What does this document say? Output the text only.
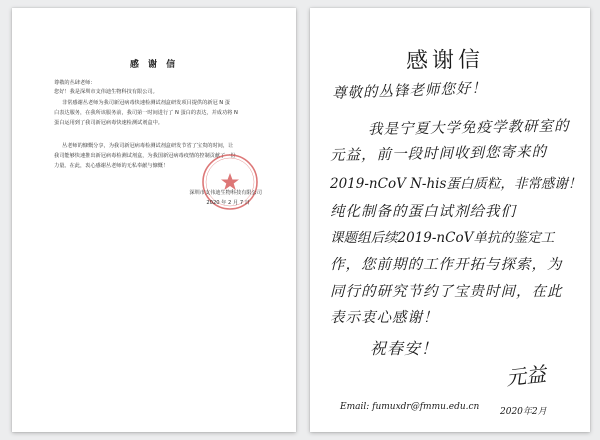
感 谢 信
尊敬的丛肆老师：
您好！我是深圳市支伟迪生物科技有限公司。
非常感谢丛老师为我司新冠病毒快速检测试剂盒研发项目提供的新冠 N 蛋
白表达服务，在我所该服务前，我司第一时间进行了 N 蛋白的表达，并成功将 N
蛋白运用到了我司新冠病毒快速检测试剂盒中。
丛老师的慷慨分享，为我司新冠病毒检测试剂盒研发节省了宝贵的时间，让
我司能够快速推出新冠病毒检测试剂盒，为我国新冠病毒疫情的控制贡献了一份
力量。在此，衷心感谢丛老师的无私奉献与慷慨！
深圳市支伟迪生物科技有限公司
2020 年 2 月 7 日
感谢信
尊敬的丛锋老师您好！
我是宁夏大学免疫学教研室的
元益，前一段时间收到您寄来的
2019-nCoV N-his蛋白质粒，非常感谢！
纯化制备的蛋白试剂给我们
课题组后续2019-nCoV单抗的鉴定工
作，您前期的工作开拓与探索，为
同行的研究节约了宝贵时间，在此
表示衷心感谢！
祝春安！
元益
Email: fumuxdr@fmmu.edu.cn 2020年2月
